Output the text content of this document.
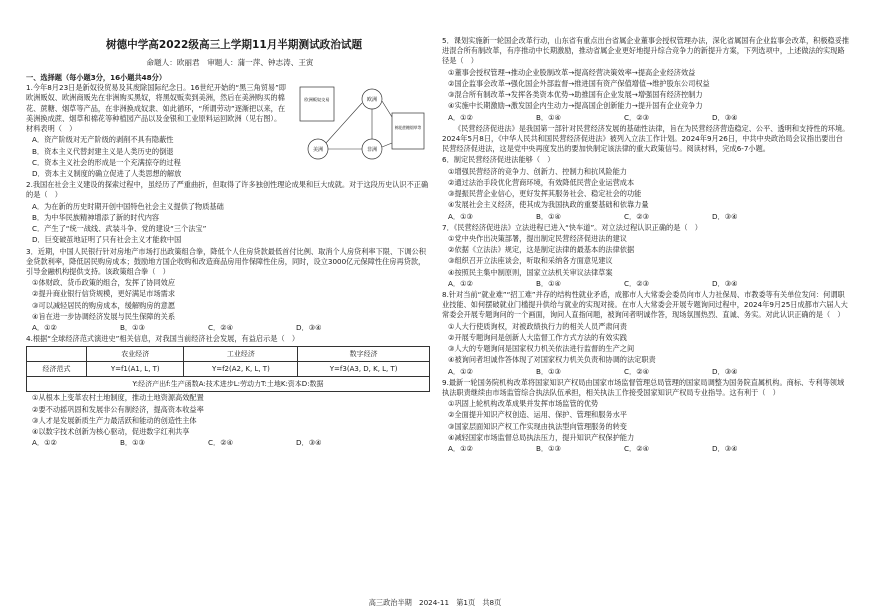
树德中学高2022级高三上学期11月半期测试政治试题
命题人：欧丽君　审题人：蒲一萍、钟志涛、王寅
一、选择题（每小题3分，16小题共48分）
1.今年8月23日是新奴役贸易及其废除国际纪念日。16世纪开始的“黑三角贸易”即欧洲贩奴、欧洲商贩先在非洲购买黑奴，将黑奴贩卖到美洲，然后在美洲购买的棉花、蔗糖、烟草等产品，在非洲换成奴隶、如此循环，“所谓劳动”逐渐把以来，在美洲换成蔗、烟草和棉花等种植园产品以及金银和工业原料运回欧洲（见右图）。材料表明（　）
欧洲
美洲	非洲
欧洲贩奴交易
棉花蔗糖烟草等
A．资产阶级对无产阶级的剥削不具有隐蔽性
B．资本主义代替封建主义是人类历史的倒退
C．资本主义社会的形成是一个充满掠夺的过程
D．资本主义制度的确立促进了人类思想的解放
2.我国在社会主义建设的探索过程中，虽经历了严重曲折，但取得了许多独创性理论成果和巨大成就。对于这段历史认识不正确的是（　）
A．为在新的历史时期开创中国特色社会主义提供了物质基础
B．为中华民族精神增添了新的时代内容
C．产生了“统一战线、武装斗争、党的建设“三个法宝”
D．巨变破茧地证明了只有社会主义才能救中国
3．近期，中国人民银行针对房地产市场打出政策组合拳，降低个人住房贷款最低首付比例、取消个人房贷利率下限、下调公积金贷款利率，降低居民购房成本；鼓励地方国企收购和改造商品房用作保障性住房，同时，设立3000亿元保障性住房再贷款，引导金融机构提供支持。该政策组合拳（　）
①体财政、货币政策的组合，发挥了协同效应
②提升商业银行信贷规模，更好满足市场需求
③可以减轻居民的购房成本，缓解购房的意愿
④旨在进一步协调经济发展与民生保障的关系
A．①②	B．①③	C．②④	D．③④
4.根据“全球经济范式演进史”相关信息，对我国当前经济社会发展，有益启示是（　）
	农业经济	工业经济	数字经济
经济范式	Y=f1(A1, L, T)	Y=f2(A2, K, L, T)	Y=f3(A3, D, K, L, T)
Y:经济产出f:生产函数A:技术进步L:劳动力T:土地K:资本D:数据			
①从根本上变革农村土地制度，推动土地资源高效配置
②要不动摇巩固和发展非公有制经济，提高资本收益率
③人才是发展新质生产力最活跃和能动的创造性主体
④以数字技术创新为核心驱动，促进数字红利共享
A．①②	B．①③	C．②④	D．③④
5．课划实施新一轮国企改革行动，山东省有重点出台省属企业董事会授权管理办法，深化省属国有企业监事会改革，积极稳妥推进混合所有制改革，有序推动中长期激励，推动省属企业更好地提升综合竞争力的新提升方案，下列选项中，上述做法的实现路径是（　）
①董事会授权管理→推动企业股制改革→提高经营决策效率→提高企业经济效益
②国企监事会改革→强化国企外部监督→推进国有资产保值增值→维护股东公司权益
③混合所有制改革→发挥各类资本优势→助推国有企业发展→增强国有经济控制力
④实施中长期激励→激发国企内生动力→提高国企创新能力→提升国有企业竞争力
A．①②	B．①④	C．②③	D．③④
《民营经济促进法》是我国第一部针对民营经济发展的基础性法律，旨在为民营经济营造稳定、公平、透明和支持性的环境。2024年5月8日，《中华人民共和国民营经济促进法》被列入立法工作计划。2024年9月26日，中共中央政治局会议指出要出台民营经济促进法，这是党中央再度发出的要加快制定该法律的重大政策信号。阅读材料，完成6-7小题。
6．制定民营经济促进法能够（　）
①增强民营经济的竞争力、创新力、控制力和抗风险能力
②通过法治手段优化营商环境，有效降低民营企业运营成本
③提振民营企业信心，更好发挥其服务社会、稳定社会的功能
④发展社会主义经济，使其成为我国执政的重要基础和依靠力量
A．①③	B．①④	C．②③	D．③④
7．《民营经济促进法》立法进程已进入“快车道”。对立法过程认识正确的是（　）
①党中央作出决策部署，提出制定民营经济促进法的建议
②依据《立法法》规定，这是制定法律的最基本的法律依据
③组织召开立法座谈会，听取和采纳各方面意见建议
④按照民主集中制原则，国家立法机关审议法律草案
A．①②	B．①④	C．②③	D．③④
8.针对当前“就业难”“招工难”并存的结构性就业矛盾，成都市人大常委会委员向市人力社保局、市教委等有关单位发问：何谓职业技能、如何摆破就业门槛提升供给与就业的实现对接。在市人大常委会开展专题询问过程中，2024年9月25日成都市六届人大常委会开展专题询问的一个画面，询问人直指问题，被询问者明诚作答，现场氛围热烈、直诚、务实。对此认识正确的是（　）
①人大行使质询权，对被政绩执行力的相关人员严肃问责
②开展专题询问是创新人大监督工作方式方法的有效实践
③人大的专题询问是国家权力机关依法进行监督的生产之间
④被询问者坦诚作答体现了对国家权力机关负责和协调的法定职责
A．①②	B．①③	C．②④	D．③④
9.最新一轮国务院机构改革将国家知识产权局由国家市场监督管理总局管理的国家局调整为国务院直属机构。商标、专利等领域执法职责继续由市场监管综合执法队伍承担，相关执法工作接受国家知识产权局专业指导。这有利于（　）
①巩固上轮机构改革成果并发挥市场监管的优势
②全面提升知识产权创造、运用、保护、管理和服务水平
③国家层面知识产权工作实现由执法型向管理服务的转变
④减轻国家市场监督总局执法压力，提升知识产权保护能力
A．①②	B．①③	C．②④	D．③④
高三政治半期　2024-11　第1页　共8页
